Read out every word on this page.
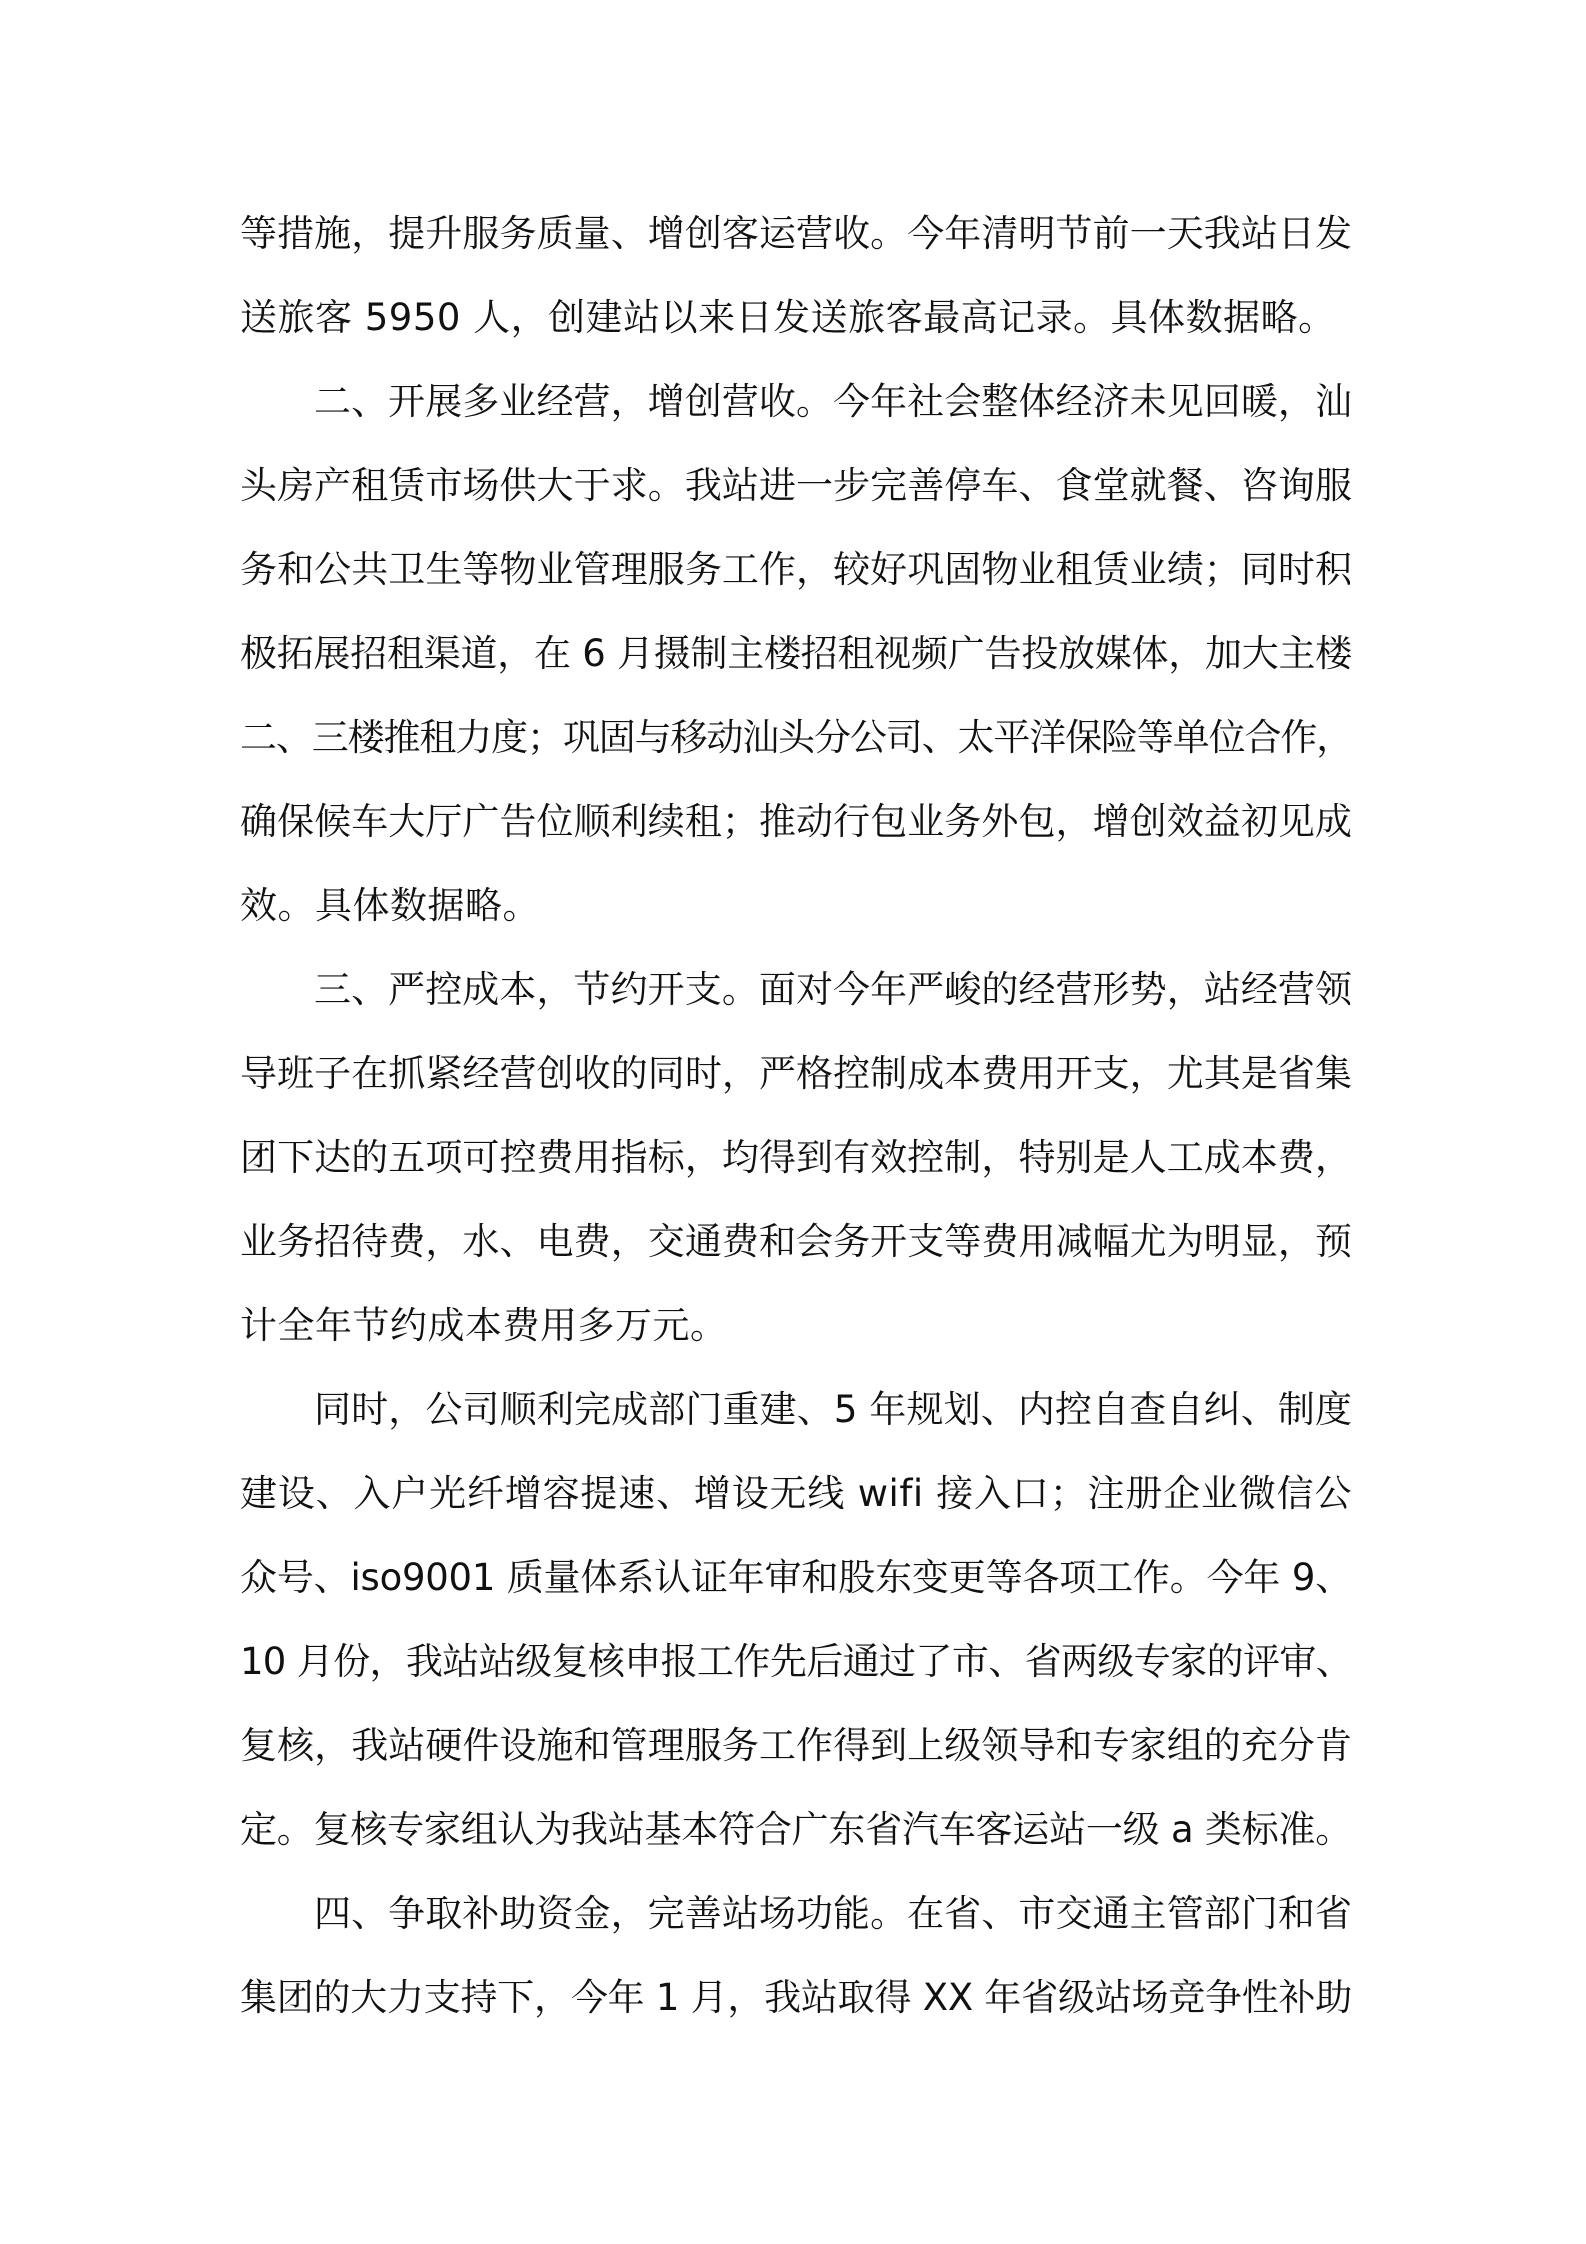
等措施，提升服务质量、增创客运营收。今年清明节前一天我站日发
送旅客 5950 人，创建站以来日发送旅客最高记录。具体数据略。
二、开展多业经营，增创营收。今年社会整体经济未见回暖，汕
头房产租赁市场供大于求。我站进一步完善停车、食堂就餐、咨询服
务和公共卫生等物业管理服务工作，较好巩固物业租赁业绩；同时积
极拓展招租渠道，在 6 月摄制主楼招租视频广告投放媒体，加大主楼
二、三楼推租力度；巩固与移动汕头分公司、太平洋保险等单位合作，
确保候车大厅广告位顺利续租；推动行包业务外包，增创效益初见成
效。具体数据略。
三、严控成本，节约开支。面对今年严峻的经营形势，站经营领
导班子在抓紧经营创收的同时，严格控制成本费用开支，尤其是省集
团下达的五项可控费用指标，均得到有效控制，特别是人工成本费，
业务招待费，水、电费，交通费和会务开支等费用减幅尤为明显，预
计全年节约成本费用多万元。
同时，公司顺利完成部门重建、5 年规划、内控自查自纠、制度
建设、入户光纤增容提速、增设无线 wifi 接入口；注册企业微信公
众号、iso9001 质量体系认证年审和股东变更等各项工作。今年 9、
10 月份，我站站级复核申报工作先后通过了市、省两级专家的评审、
复核，我站硬件设施和管理服务工作得到上级领导和专家组的充分肯
定。复核专家组认为我站基本符合广东省汽车客运站一级 a 类标准。
四、争取补助资金，完善站场功能。在省、市交通主管部门和省
集团的大力支持下，今年 1 月，我站取得 XX 年省级站场竞争性补助
